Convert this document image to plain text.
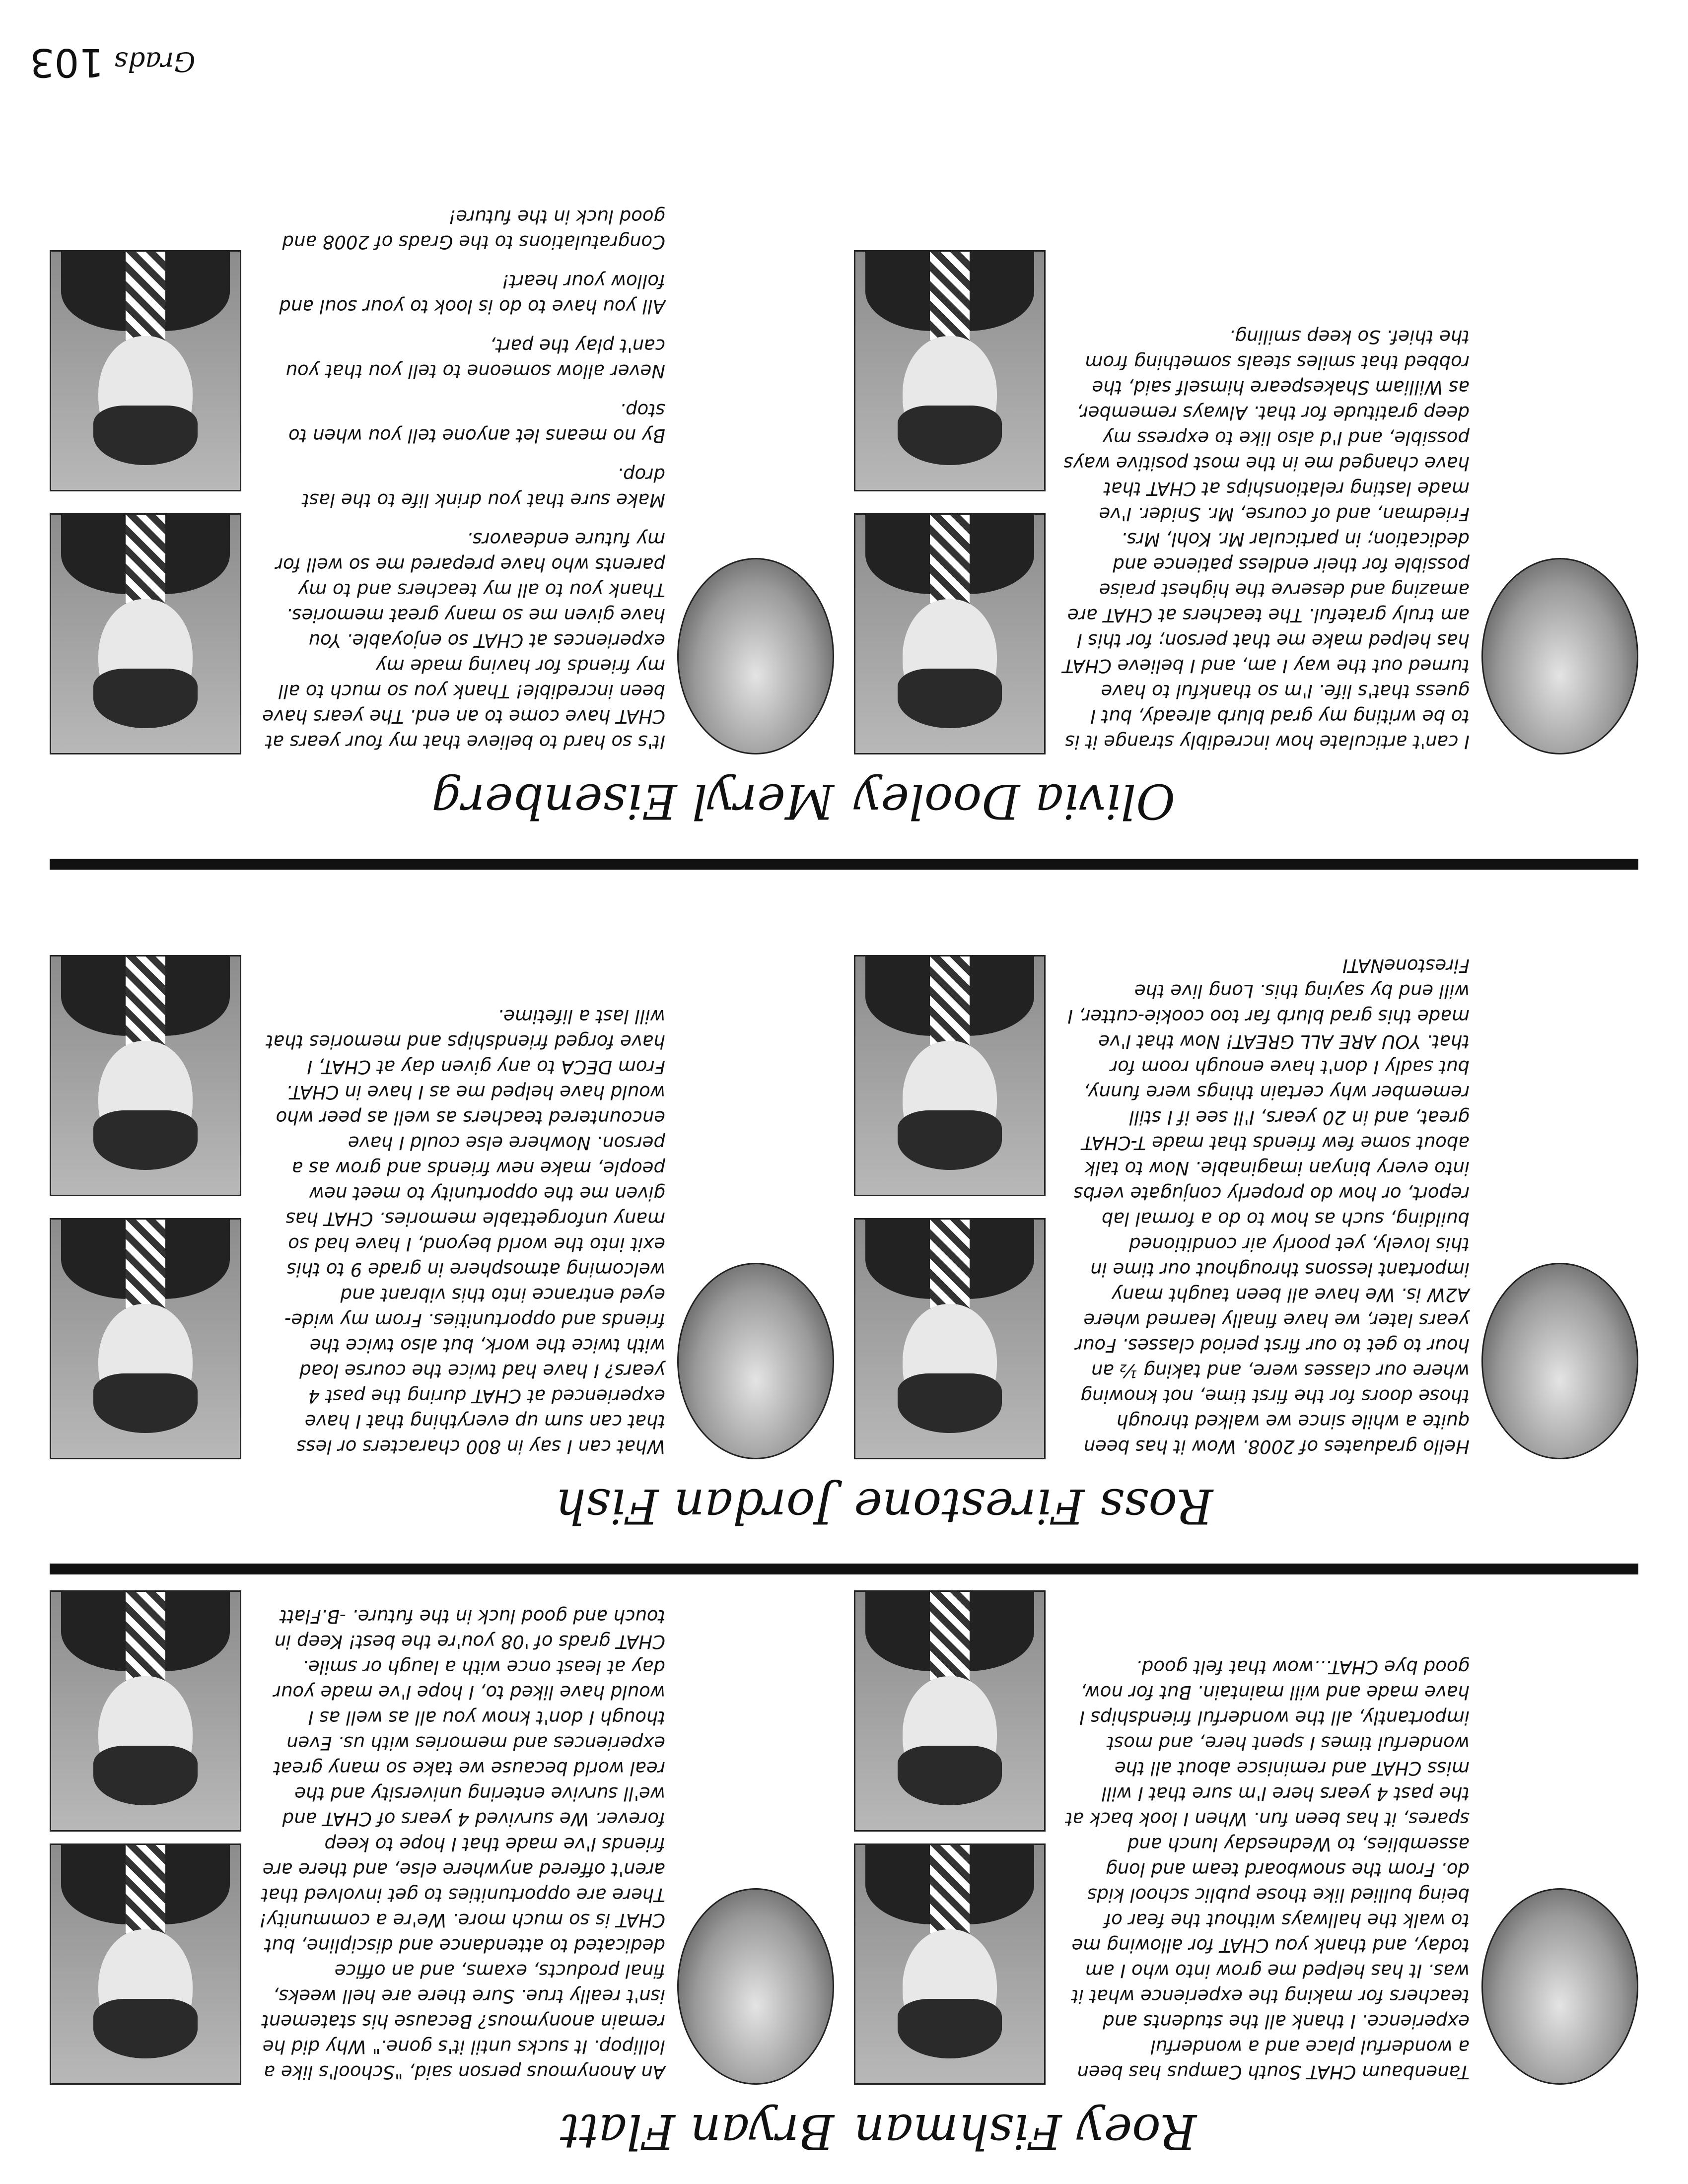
Grads
103
Roey Fishman
Bryan Flatt

Tanenbaum CHAT South Campus has been a wonderful place and a wonderful experience. I thank all the students and teachers for making the experience what it was. It has helped me grow into who I am today, and thank you CHAT for allowing me to walk the hallways without the fear of being bullied like those public school kids do. From the snowboard team and long assemblies, to Wednesday lunch and spares, it has been fun. When I look back at the past 4 years here I'm sure that I will miss CHAT and reminisce about all the wonderful times I spent here, and most importantly, all the wonderful friendships I have made and will maintain. But for now, good bye CHAT...wow that felt good.

An Anonymous person said, "School's like a lollipop. It sucks until it's gone." Why did he remain anonymous? Because his statement isn't really true. Sure there are hell weeks, final products, exams, and an office dedicated to attendance and discipline, but CHAT is so much more. We're a community! There are opportunities to get involved that aren't offered anywhere else, and there are friends I've made that I hope to keep forever. We survived 4 years of CHAT and we'll survive entering university and the real world because we take so many great experiences and memories with us. Even though I don't know you all as well as I would have liked to, I hope I've made your day at least once with a laugh or smile. CHAT grads of '08 you're the best! Keep in touch and good luck in the future. -B.Flatt

Ross Firestone
Jordan Fish

Hello graduates of 2008. Wow it has been quite a while since we walked through those doors for the first time, not knowing where our classes were, and taking ½ an hour to get to our first period classes. Four years later, we have finally learned where A2W is. We have all been taught many important lessons throughout our time in this lovely, yet poorly air conditioned building, such as how to do a formal lab report, or how do properly conjugate verbs into every binyan imaginable. Now to talk about some few friends that made T-CHAT great, and in 20 years, I'll see if I still remember why certain things were funny, but sadly I don't have enough room for that. YOU ARE ALL GREAT! Now that I've made this grad blurb far too cookie-cutter, I will end by saying this. Long live the FirestoneNATI

What can I say in 800 characters or less that can sum up everything that I have experienced at CHAT during the past 4 years? I have had twice the course load with twice the work, but also twice the friends and opportunities. From my wide-eyed entrance into this vibrant and welcoming atmosphere in grade 9 to this exit into the world beyond, I have had so many unforgettable memories. CHAT has given me the opportunity to meet new people, make new friends and grow as a person. Nowhere else could I have encountered teachers as well as peer who would have helped me as I have in CHAT. From DECA to any given day at CHAT, I have forged friendships and memories that will last a lifetime.

Olivia Dooley
Meryl Eisenberg

I can't articulate how incredibly strange it is to be writing my grad blurb already, but I guess that's life. I'm so thankful to have turned out the way I am, and I believe CHAT has helped make me that person; for this I am truly grateful. The teachers at CHAT are amazing and deserve the highest praise possible for their endless patience and dedication; in particular Mr. Kohl, Mrs. Friedman, and of course, Mr. Snider. I've made lasting relationships at CHAT that have changed me in the most positive ways possible, and I'd also like to express my deep gratitude for that. Always remember, as William Shakespeare himself said, the robbed that smiles steals something from the thief. So keep smiling.

It's so hard to believe that my four years at CHAT have come to an end. The years have been incredible! Thank you so much to all my friends for having made my experiences at CHAT so enjoyable. You have given me so many great memories. Thank you to all my teachers and to my parents who have prepared me so well for my future endeavors.

Make sure that you drink life to the last drop.

By no means let anyone tell you when to stop.

Never allow someone to tell you that you can't play the part,

All you have to do is look to your soul and follow your heart!

Congratulations to the Grads of 2008 and good luck in the future!
